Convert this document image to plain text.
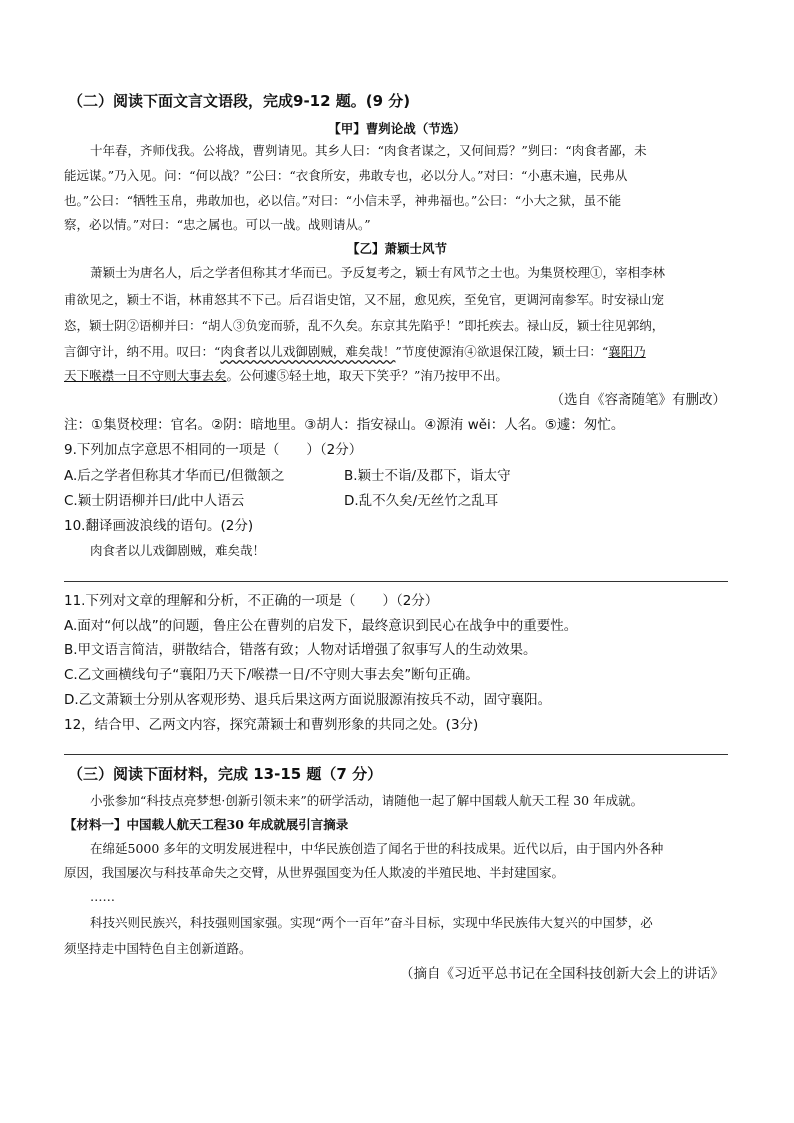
（二）阅读下面文言文语段，完成9-12 题。(9 分)
【甲】曹刿论战（节选）
十年春，齐师伐我。公将战，曹刿请见。其乡人曰：“肉食者谋之，又何间焉？”刿曰：“肉食者鄙，未
能远谋。”乃入见。问：“何以战？”公曰：“衣食所安，弗敢专也，必以分人。”对曰：“小惠未遍，民弗从
也。”公曰：“牺牲玉帛，弗敢加也，必以信。”对曰：“小信未孚，神弗福也。”公曰：“小大之狱，虽不能
察，必以情。”对曰：“忠之属也。可以一战。战则请从。”
【乙】萧颖士风节
萧颖士为唐名人，后之学者但称其才华而已。予反复考之，颖士有风节之士也。为集贤校理①，宰相李林
甫欲见之，颖士不诣，林甫怒其不下己。后召诣史馆，又不屈，愈见疾，至免官，更调河南参军。时安禄山宠
恣，颖士阴②语柳并曰：“胡人③负宠而骄，乱不久矣。东京其先陷乎！”即托疾去。禄山反，颖士往见郭纳，
言御守计，纳不用。叹曰：“肉食者以儿戏御剧贼，难矣哉！”节度使源洧④欲退保江陵，颖士曰：“襄阳乃
天下喉襟一日不守则大事去矣。公何遽⑤轻土地，取天下笑乎？”洧乃按甲不出。
（选自《容斋随笔》有删改）
注：①集贤校理：官名。②阴：暗地里。③胡人：指安禄山。④源洧 wěi：人名。⑤遽：匆忙。
9.下列加点字意思不相同的一项是（　　）（2分）
A.后之学者但称其才华而已/但微颔之	B.颖士不诣/及郡下，诣太守
C.颖士阴语柳并曰/此中人语云	D.乱不久矣/无丝竹之乱耳
10.翻译画波浪线的语句。(2分)
肉食者以儿戏御剧贼，难矣哉！
11.下列对文章的理解和分析，不正确的一项是（　　）（2分）
A.面对“何以战”的问题，鲁庄公在曹刿的启发下，最终意识到民心在战争中的重要性。
B.甲文语言简洁，骈散结合，错落有致；人物对话增强了叙事写人的生动效果。
C.乙文画横线句子“襄阳乃天下/喉襟一日/不守则大事去矣”断句正确。
D.乙文萧颖士分别从客观形势、退兵后果这两方面说服源洧按兵不动，固守襄阳。
12，结合甲、乙两文内容，探究萧颖士和曹刿形象的共同之处。(3分)
（三）阅读下面材料，完成 13-15 题（7 分）
小张参加“科技点亮梦想·创新引领未来”的研学活动，请随他一起了解中国载人航天工程 30 年成就。
【材料一】中国载人航天工程30 年成就展引言摘录
在绵延5000 多年的文明发展进程中，中华民族创造了闻名于世的科技成果。近代以后，由于国内外各种
原因，我国屡次与科技革命失之交臂，从世界强国变为任人欺凌的半殖民地、半封建国家。
……
科技兴则民族兴，科技强则国家强。实现“两个一百年”奋斗目标，实现中华民族伟大复兴的中国梦，必
须坚持走中国特色自主创新道路。
（摘自《习近平总书记在全国科技创新大会上的讲话》
